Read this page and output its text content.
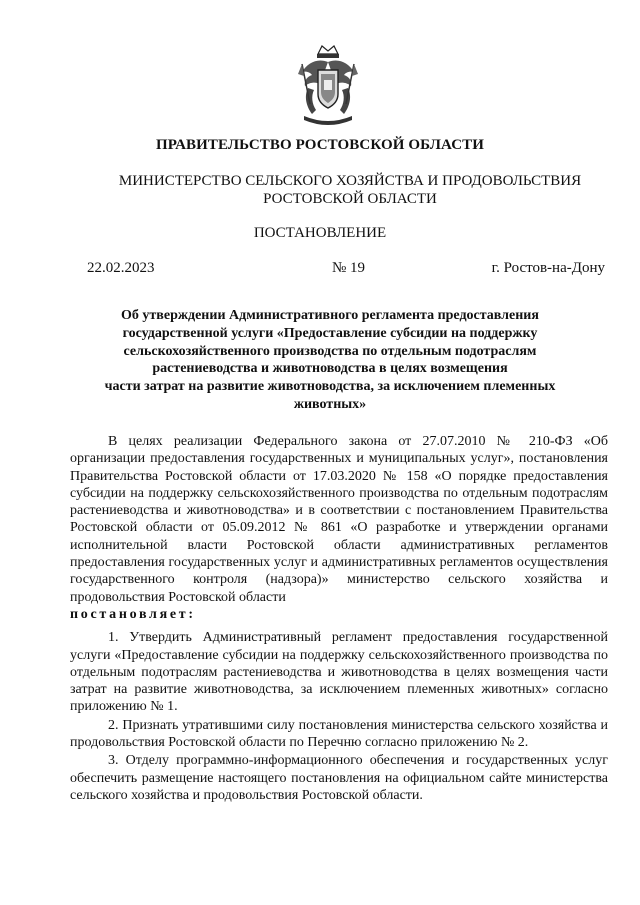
ПРАВИТЕЛЬСТВО РОСТОВСКОЙ ОБЛАСТИ
МИНИСТЕРСТВО СЕЛЬСКОГО ХОЗЯЙСТВА И ПРОДОВОЛЬСТВИЯ
РОСТОВСКОЙ ОБЛАСТИ
ПОСТАНОВЛЕНИЕ
22.02.2023	№ 19	г. Ростов-на-Дону
Об утверждении Административного регламента предоставления
государственной услуги «Предоставление субсидии на поддержку
сельскохозяйственного производства по отдельным подотраслям
растениеводства и животноводства в целях возмещения
части затрат на развитие животноводства, за исключением племенных
животных»

В целях реализации Федерального закона от 27.07.2010 № 210-ФЗ «Об организации предоставления государственных и муниципальных услуг», постановления Правительства Ростовской области от 17.03.2020 № 158 «О порядке предоставления субсидии на поддержку сельскохозяйственного производства по отдельным подотраслям растениеводства и животноводства» и в соответствии с постановлением Правительства Ростовской области от 05.09.2012 № 861 «О разработке и утверждении органами исполнительной власти Ростовской области административных регламентов предоставления государственных услуг и административных регламентов осуществления государственного контроля (надзора)» министерство сельского хозяйства и продовольствия Ростовской области

постановляет:

1. Утвердить Административный регламент предоставления государственной услуги «Предоставление субсидии на поддержку сельскохозяйственного производства по отдельным подотраслям растениеводства и животноводства в целях возмещения части затрат на развитие животноводства, за исключением племенных животных» согласно приложению № 1.

2. Признать утратившими силу постановления министерства сельского хозяйства и продовольствия Ростовской области по Перечню согласно приложению № 2.

3. Отделу программно-информационного обеспечения и государственных услуг обеспечить размещение настоящего постановления на официальном сайте министерства сельского хозяйства и продовольствия Ростовской области.
